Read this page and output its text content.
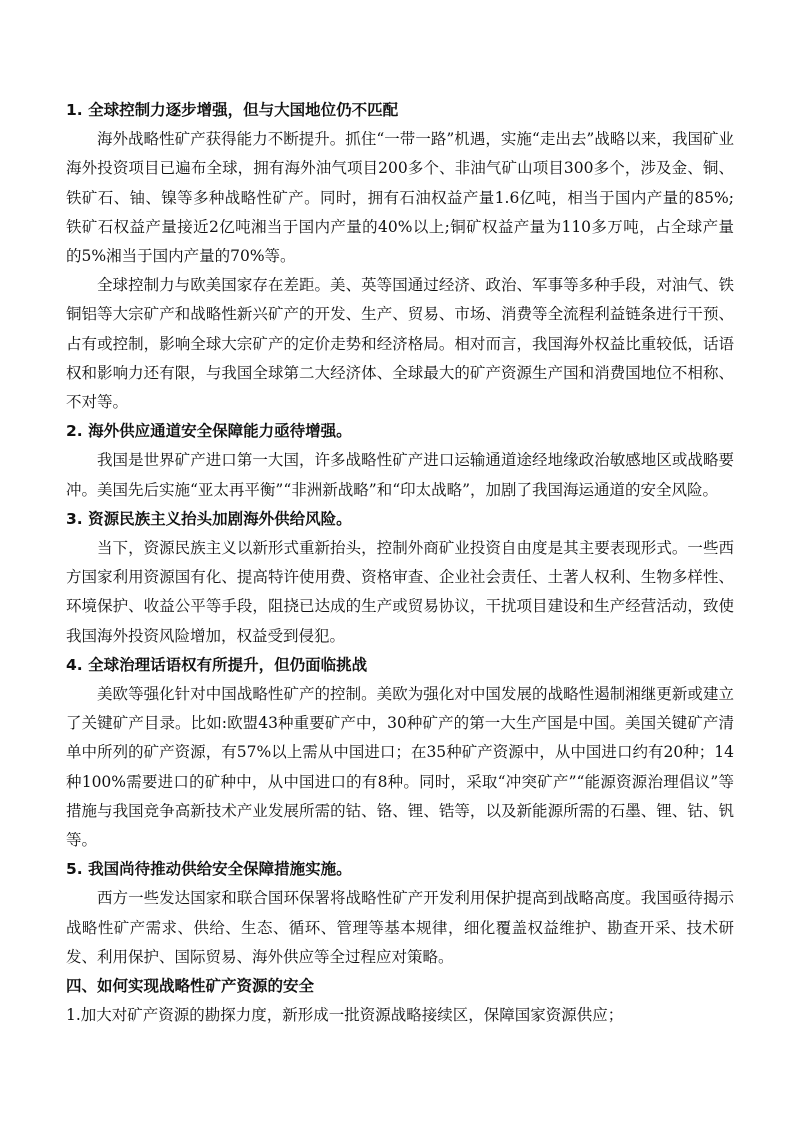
1. 全球控制力逐步增强，但与大国地位仍不匹配

海外战略性矿产获得能力不断提升。抓住“一带一路”机遇，实施“走出去”战略以来，我国矿业海外投资项目已遍布全球，拥有海外油气项目200多个、非油气矿山项目300多个，涉及金、铜、铁矿石、铀、镍等多种战略性矿产。同时，拥有石油权益产量1.6亿吨，相当于国内产量的85%;铁矿石权益产量接近2亿吨湘当于国内产量的40%以上;铜矿权益产量为110多万吨，占全球产量的5%湘当于国内产量的70%等。

全球控制力与欧美国家存在差距。美、英等国通过经济、政治、军事等多种手段，对油气、铁铜铝等大宗矿产和战略性新兴矿产的开发、生产、贸易、市场、消费等全流程利益链条进行干预、占有或控制，影响全球大宗矿产的定价走势和经济格局。相对而言，我国海外权益比重较低，话语权和影响力还有限，与我国全球第二大经济体、全球最大的矿产资源生产国和消费国地位不相称、不对等。

2. 海外供应通道安全保障能力亟待增强。

我国是世界矿产进口第一大国，许多战略性矿产进口运输通道途经地缘政治敏感地区或战略要冲。美国先后实施“亚太再平衡”“非洲新战略”和“印太战略”，加剧了我国海运通道的安全风险。

3. 资源民族主义抬头加剧海外供给风险。

当下，资源民族主义以新形式重新抬头，控制外商矿业投资自由度是其主要表现形式。一些西方国家利用资源国有化、提高特许使用费、资格审查、企业社会责任、土著人权利、生物多样性、环境保护、收益公平等手段，阻挠已达成的生产或贸易协议，干扰项目建设和生产经营活动，致使我国海外投资风险增加，权益受到侵犯。

4. 全球治理话语权有所提升，但仍面临挑战

美欧等强化针对中国战略性矿产的控制。美欧为强化对中国发展的战略性遏制湘继更新或建立了关键矿产目录。比如:欧盟43种重要矿产中，30种矿产的第一大生产国是中国。美国关键矿产清单中所列的矿产资源，有57%以上需从中国进口；在35种矿产资源中，从中国进口约有20种；14种100%需要进口的矿种中，从中国进口的有8种。同时，采取“冲突矿产”“能源资源治理倡议”等措施与我国竞争高新技术产业发展所需的钴、铬、锂、锆等，以及新能源所需的石墨、锂、钴、钒等。

5. 我国尚待推动供给安全保障措施实施。

西方一些发达国家和联合国环保署将战略性矿产开发利用保护提高到战略高度。我国亟待揭示战略性矿产需求、供给、生态、循环、管理等基本规律，细化覆盖权益维护、勘查开采、技术研发、利用保护、国际贸易、海外供应等全过程应对策略。

四、如何实现战略性矿产资源的安全

1.加大对矿产资源的勘探力度，新形成一批资源战略接续区，保障国家资源供应；
